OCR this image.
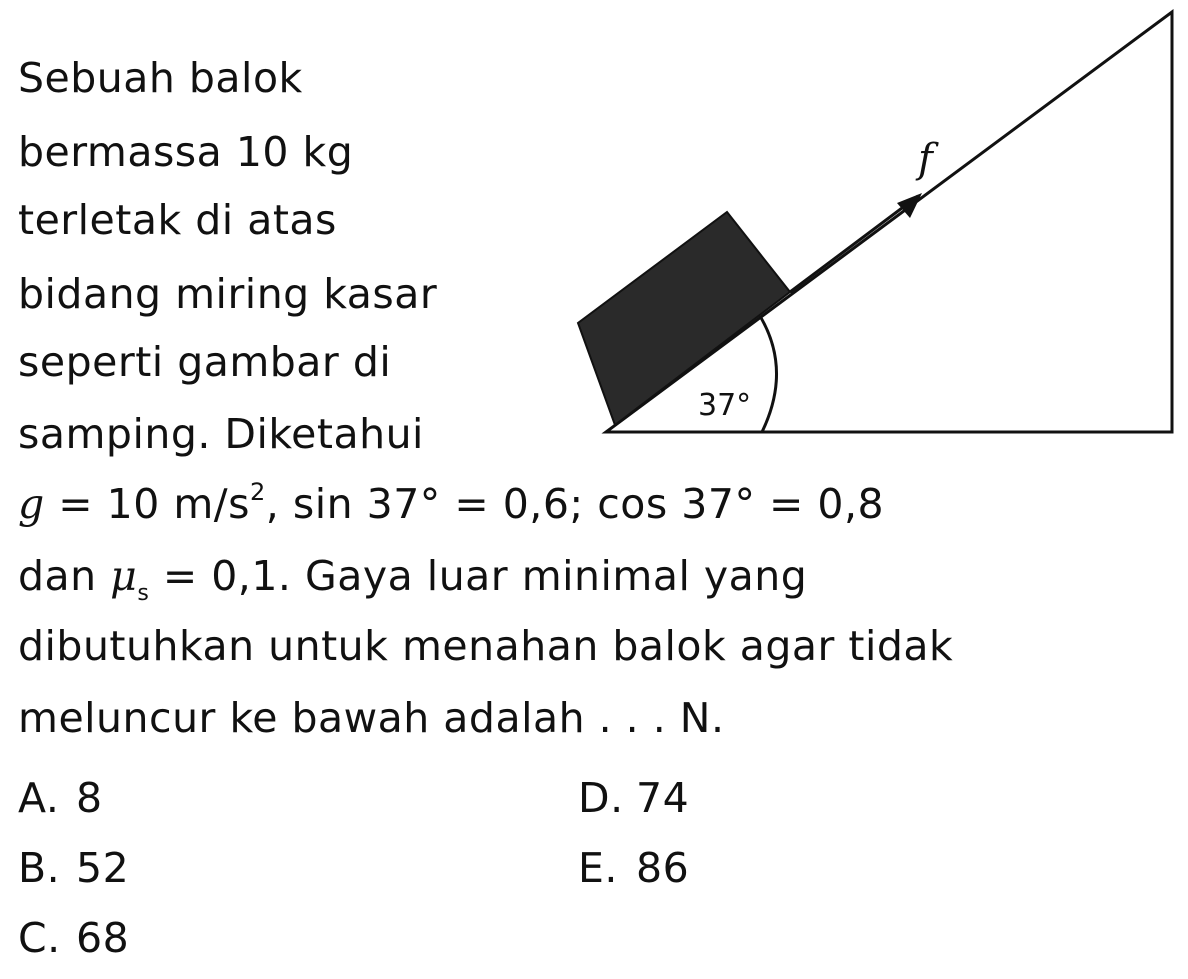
Sebuah balok
bermassa 10 kg
terletak di atas
bidang miring kasar
seperti gambar di
samping. Diketahui
g = 10 $m/s^2$, sin 37° = 0,6; cos 37° = 0,8
dan $\mu_s = 0,1$. Gaya luar minimal yang
dibutuhkan untuk menahan balok agar tidak
meluncur ke bawah adalah . . . N.
A. 8
B. 52
C. 68
D. 74
E. 86
37°
f
